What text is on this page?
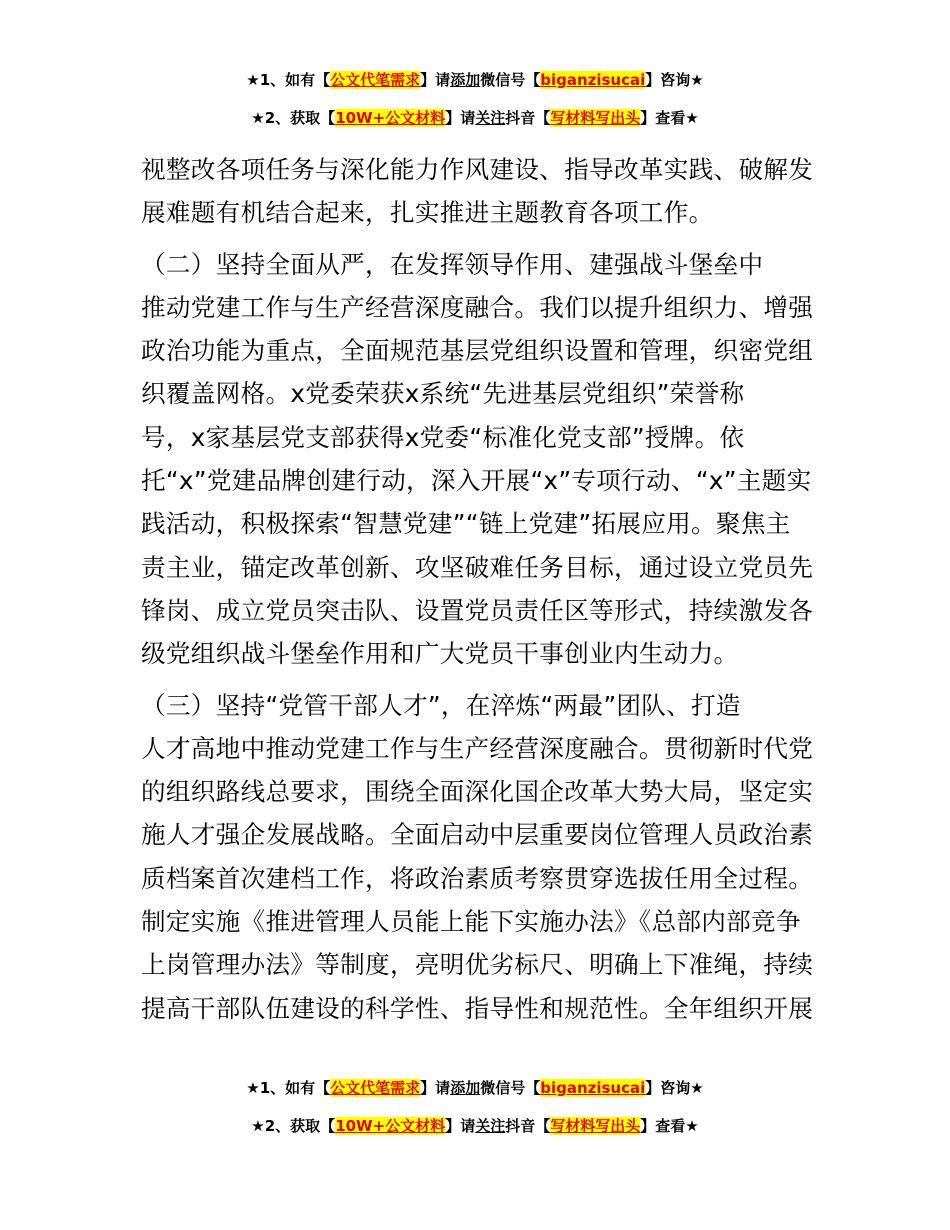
★1、如有【公文代笔需求】请添加微信号【biganzisucai】咨询★
★2、获取【10W+公文材料】请关注抖音【写材料写出头】查看★

视整改各项任务与深化能力作风建设、指导改革实践、破解发

展难题有机结合起来，扎实推进主题教育各项工作。

（二）坚持全面从严，在发挥领导作用、建强战斗堡垒中

推动党建工作与生产经营深度融合。我们以提升组织力、增强

政治功能为重点，全面规范基层党组织设置和管理，织密党组

织覆盖网格。x党委荣获x系统“先进基层党组织”荣誉称

号，x家基层党支部获得x党委“标准化党支部”授牌。依

托“x”党建品牌创建行动，深入开展“x”专项行动、“x”主题实

践活动，积极探索“智慧党建”“链上党建”拓展应用。聚焦主

责主业，锚定改革创新、攻坚破难任务目标，通过设立党员先

锋岗、成立党员突击队、设置党员责任区等形式，持续激发各

级党组织战斗堡垒作用和广大党员干事创业内生动力。

（三）坚持“党管干部人才”，在淬炼“两最”团队、打造

人才高地中推动党建工作与生产经营深度融合。贯彻新时代党

的组织路线总要求，围绕全面深化国企改革大势大局，坚定实

施人才强企发展战略。全面启动中层重要岗位管理人员政治素

质档案首次建档工作，将政治素质考察贯穿选拔任用全过程。

制定实施《推进管理人员能上能下实施办法》《总部内部竞争

上岗管理办法》等制度，亮明优劣标尺、明确上下准绳，持续

提高干部队伍建设的科学性、指导性和规范性。全年组织开展

★1、如有【公文代笔需求】请添加微信号【biganzisucai】咨询★
★2、获取【10W+公文材料】请关注抖音【写材料写出头】查看★
